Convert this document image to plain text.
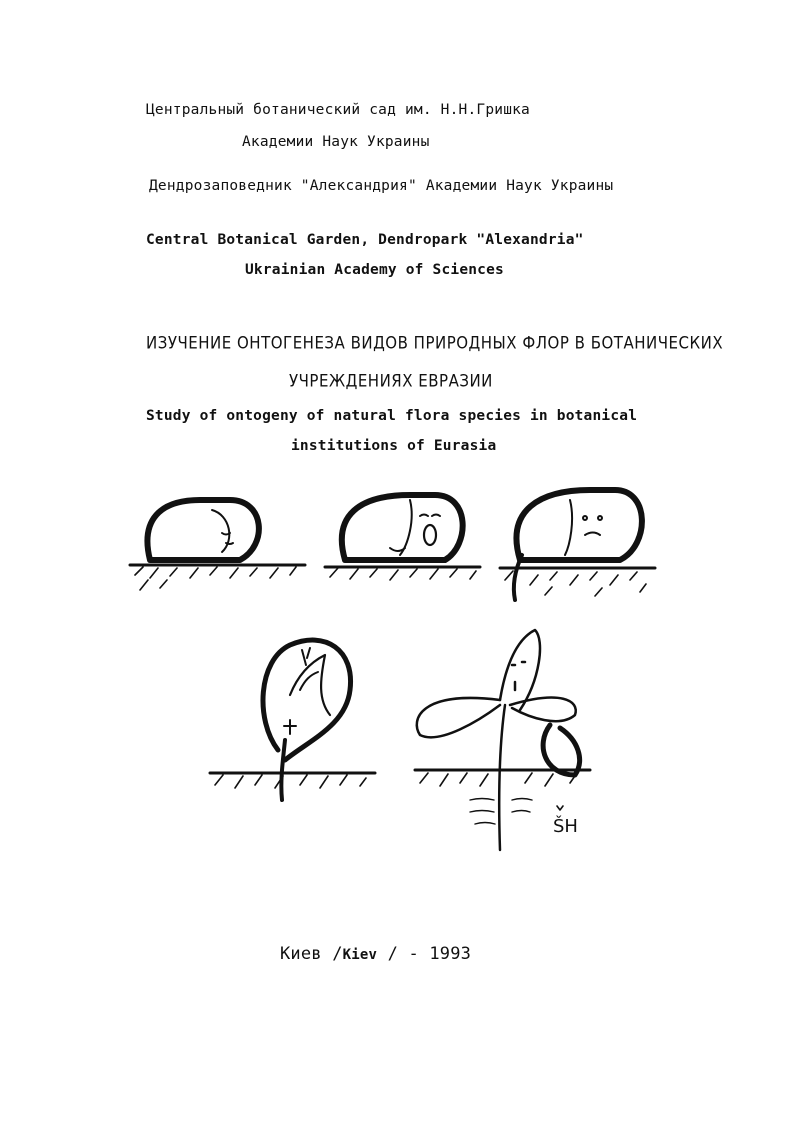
Центральный ботанический сад им. Н.Н.Гришка
Академии Наук Украины
Дендрозаповедник "Александрия" Академии Наук Украины
Central Botanical Garden, Dendropark "Alexandria"
Ukrainian Academy of Sciences
ИЗУЧЕНИЕ ОНТОГЕНЕЗА ВИДОВ ПРИРОДНЫХ ФЛОР В БОТАНИЧЕСКИХ
УЧРЕЖДЕНИЯХ ЕВРАЗИИ
Study of ontogeny of natural flora species in botanical
institutions of Eurasia
ŠH
Киев /Kiev / - 1993
